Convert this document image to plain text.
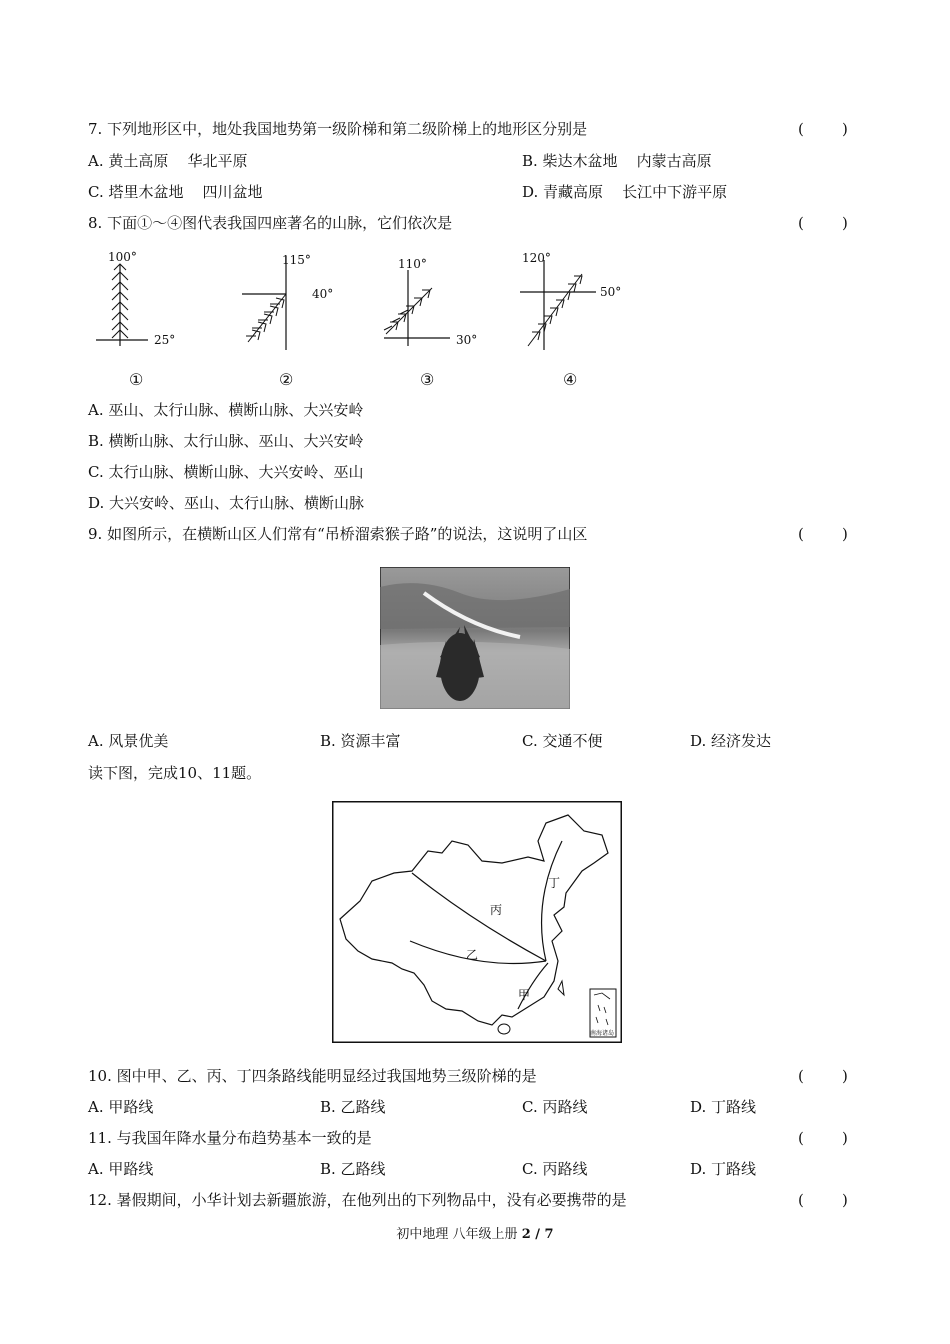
7. 下列地形区中，地处我国地势第一级阶梯和第二级阶梯上的地形区分别是	(        )
A. 黄土高原    华北平原	B. 柴达木盆地    内蒙古高原
C. 塔里木盆地    四川盆地	D. 青藏高原    长江中下游平原
8. 下面①～④图代表我国四座著名的山脉，它们依次是	(        )
100°
25°
①
115°
40°
②
110°
30°
③
120°
50°
④
A. 巫山、太行山脉、横断山脉、大兴安岭
B. 横断山脉、太行山脉、巫山、大兴安岭
C. 太行山脉、横断山脉、大兴安岭、巫山
D. 大兴安岭、巫山、太行山脉、横断山脉
9. 如图所示，在横断山区人们常有“吊桥溜索猴子路”的说法，这说明了山区	(        )
A. 风景优美	B. 资源丰富	C. 交通不便	D. 经济发达
读下图，完成10、11题。
丙
乙
甲
丁
南海诸岛
10. 图中甲、乙、丙、丁四条路线能明显经过我国地势三级阶梯的是	(        )
A. 甲路线	B. 乙路线	C. 丙路线	D. 丁路线
11. 与我国年降水量分布趋势基本一致的是	(        )
A. 甲路线	B. 乙路线	C. 丙路线	D. 丁路线
12. 暑假期间，小华计划去新疆旅游，在他列出的下列物品中，没有必要携带的是	(        )
初中地理 八年级上册 2 / 7
